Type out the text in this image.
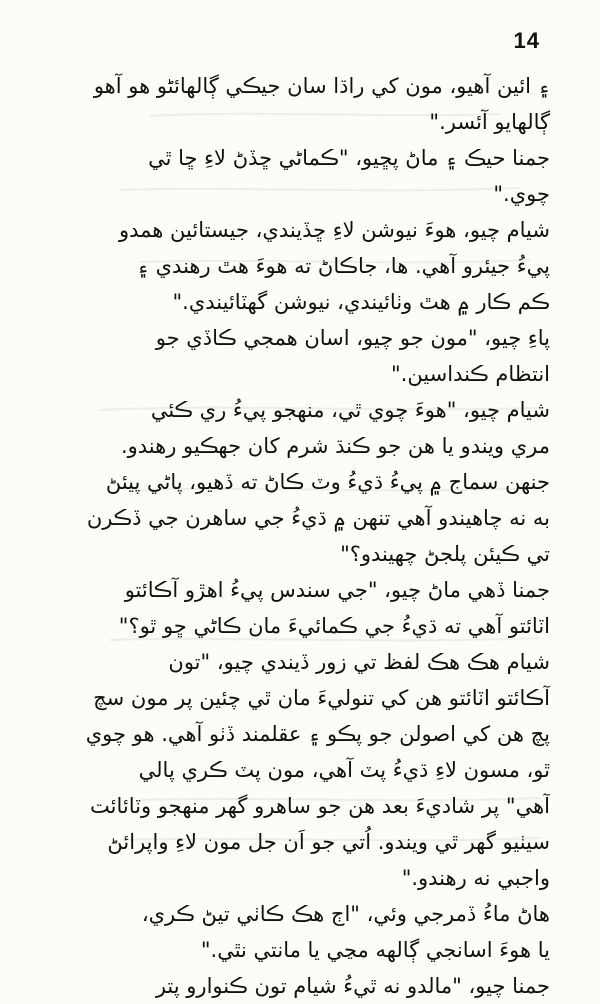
14
۽ ائين آهيو، مون کي راڌا سان جيڪي ڳالهائڻو هو آهو
ڳالهايو آئسر."
جمنا حيڪ ۽ ماڻ پڇيو، "ڪماڻي ڇڏڻ لاءِ ڇا ٿي
چوي."
شيام چيو، هوءَ نيوشن لاءِ ڇڏيندي، جيستائين همدو
پيءُ جيئرو آهي. ها، جاڪاڻ ته هوءَ هٿ رهندي ۽
ڪم ڪار ۾ هٿ وٺائيندي، نيوشن گهٽائيندي."
پاءِ چيو، "مون جو چيو، اسان همجي ڪاڏي جو
انتظام ڪنداسين."
شيام چيو، "هوءَ چوي ٿي، منهجو پيءُ ري ڪئي
مري ويندو يا هن جو ڪنڌ شرم کان جهڪيو رهندو.
جنهن سماج ۾ پيءُ ڌيءُ وٽ ڪاڻ ته ڏهيو، پاڻي پيئڻ
به نه چاهيندو آهي تنهن ۾ ڌيءُ جي ساهرن جي ڏڪرن
تي ڪيئن پلجڻ چهيندو؟"
جمنا ڏهي ماڻ چيو، "جي سندس پيءُ اهڙو آڪائتو
اٽائتو آهي ته ڌيءُ جي ڪمائيءَ مان ڪاڻي ڇو ٿو؟"
شيام هڪ هڪ لفظ تي زور ڏيندي چيو، "تون
آڪائتو اٽائتو هن کي تنوليءَ مان ٿي چئين پر مون سچ
پچ هن کي اصولن جو پڪو ۽ عقلمند ڏٺو آهي. هو چوي
ٿو، مسون لاءِ ڌيءُ پٽ آهي، مون پٽ ڪري پالي
آهي" پر شاديءَ بعد هن جو ساهرو گهر منهجو وٽائائت
سيٺيو گهر ٿي ويندو. اُتي جو اَن جل مون لاءِ واپرائڻ
واجبي نه رهندو."
هاڻ ماءُ ڏمرجي وئي، "اڄ هڪ ڪاٺي تيڻ ڪري،
يا هوءَ اسانجي ڳالهه مڃي يا مانتي نٿي."
جمنا چيو، "مالدو نه ٿيءُ شيام تون ڪنوارو پتر
